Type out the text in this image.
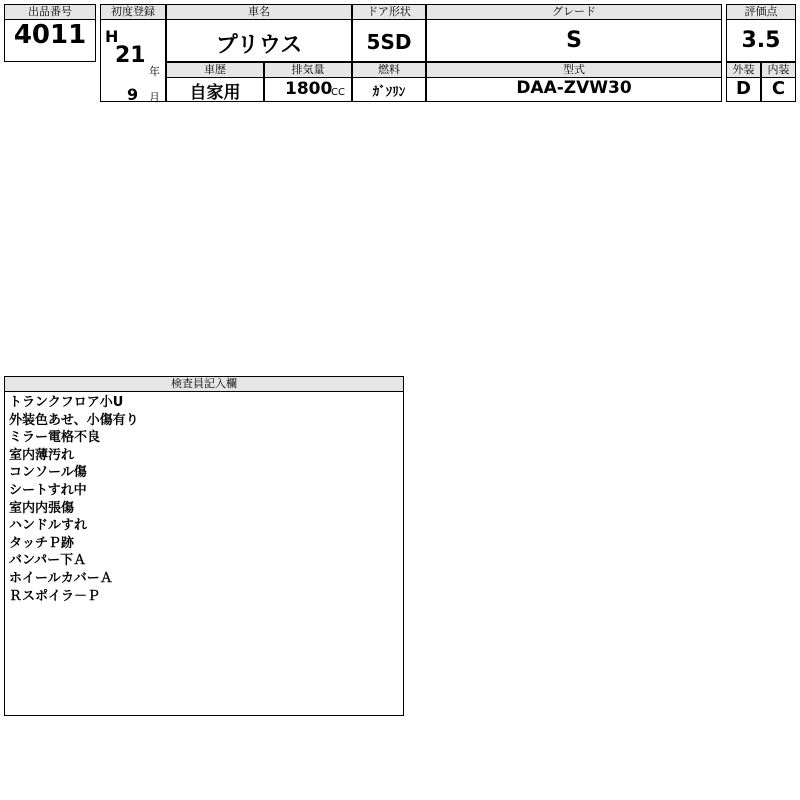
出品番号
4011
初度登録
H
21
年
9 月
車名
プリウス
ドア形状
5SD
グレード
S
評価点
3.5
車歴
自家用
排気量
1800
CC
燃料
ｶﾞｿﾘﾝ
型式
DAA-ZVW30
外装
D
内装
C
検査員記入欄
トランクフロア小U
外装色あせ、小傷有り
ミラー電格不良
室内薄汚れ
コンソール傷
シートすれ中
室内内張傷
ハンドルすれ
タッチＰ跡
バンパー下Ａ
ホイールカバーＡ
Ｒスポイラ－Ｐ
